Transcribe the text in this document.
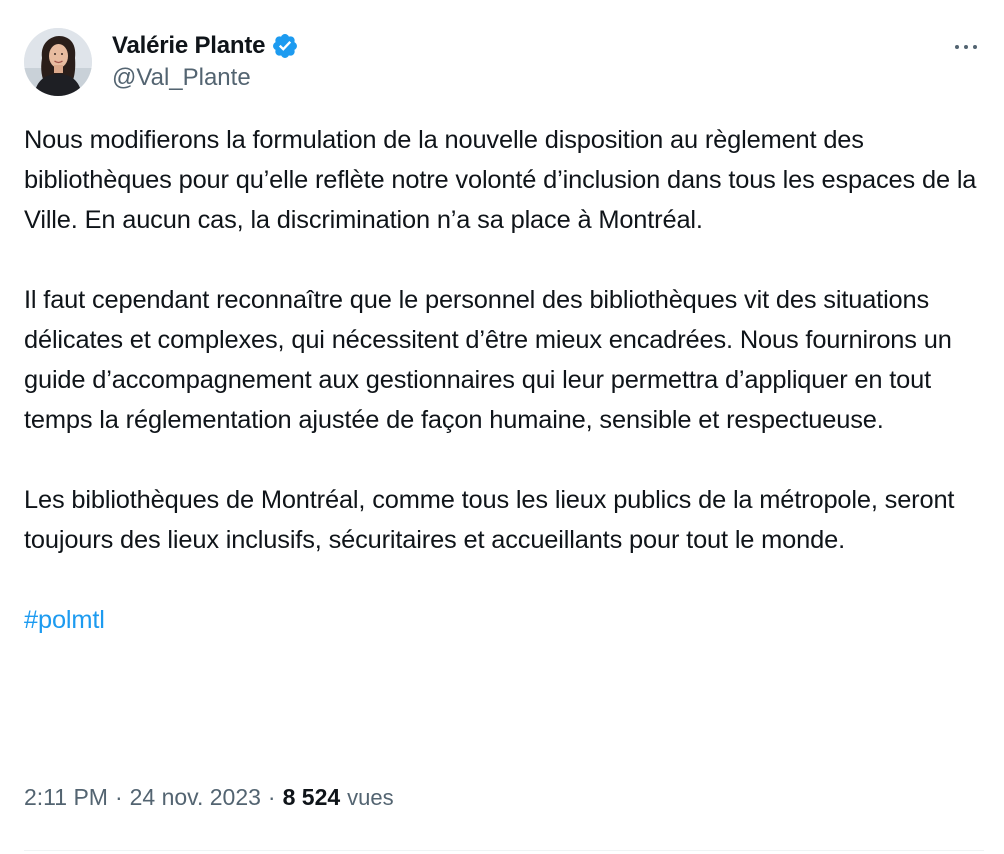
Valérie Plante
@Val_Plante

Nous modifierons la formulation de la nouvelle disposition au règlement des bibliothèques pour qu’elle reflète notre volonté d’inclusion dans tous les espaces de la Ville. En aucun cas, la discrimination n’a sa place à Montréal.

Il faut cependant reconnaître que le personnel des bibliothèques vit des situations délicates et complexes, qui nécessitent d’être mieux encadrées. Nous fournirons un guide d’accompagnement aux gestionnaires qui leur permettra d’appliquer en tout temps la réglementation ajustée de façon humaine, sensible et respectueuse.

Les bibliothèques de Montréal, comme tous les lieux publics de la métropole, seront toujours des lieux inclusifs, sécuritaires et accueillants pour tout le monde.

#polmtl

2:11 PM · 24 nov. 2023 · 8 524 vues
